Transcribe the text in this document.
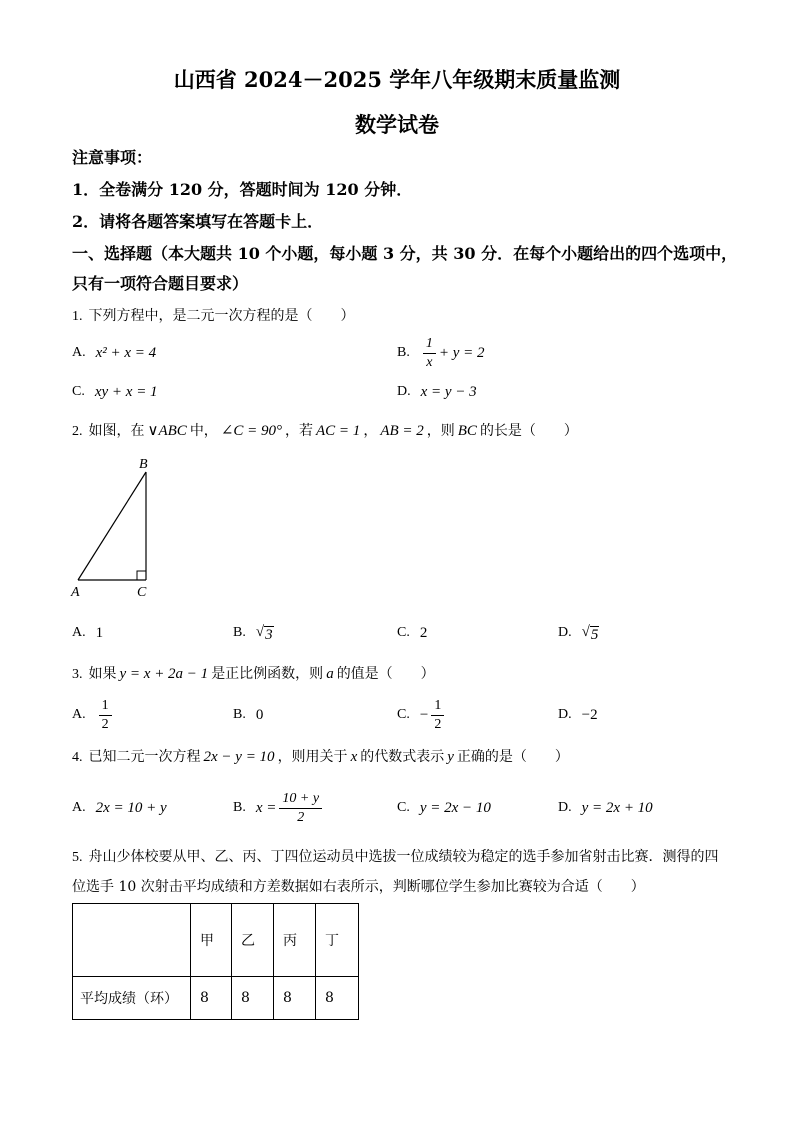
山西省 2024－2025 学年八年级期末质量监测
数学试卷
注意事项：
1．全卷满分 120 分，答题时间为 120 分钟．
2．请将各题答案填写在答题卡上．
一、选择题（本大题共 10 个小题，每小题 3 分，共 30 分．在每个小题给出的四个选项中，
只有一项符合题目要求）
1. 下列方程中，是二元一次方程的是（　　）
A. x² + x = 4	B. $\frac{1}{x} + y = 2$
C. xy + x = 1	D. x = y − 3
2. 如图，在 ∨ABC 中， ∠C = 90° ，若 AC = 1 ， AB = 2 ，则 BC 的长是（　　）
B
A	C
A. 1	B. √ 3	C. 2	D. √ 5
3. 如果 y = x + 2a − 1 是正比例函数，则 a 的值是（　　）
A. $\frac{1}{2}$	B. 0	C. − $\frac{1}{2}$	D. −2
4. 已知二元一次方程 2x − y = 10 ，则用关于 x 的代数式表示 y 正确的是（　　）
A. 2x = 10 + y	B. $x = \frac{10 + y}{2}$	C. y = 2x − 10	D. y = 2x + 10
5. 舟山少体校要从甲、乙、丙、丁四位运动员中选拔一位成绩较为稳定的选手参加省射击比赛．测得的四
位选手 10 次射击平均成绩和方差数据如右表所示，判断哪位学生参加比赛较为合适（　　）
	甲	乙	丙	丁
平均成绩（环）	8	8	8	8
